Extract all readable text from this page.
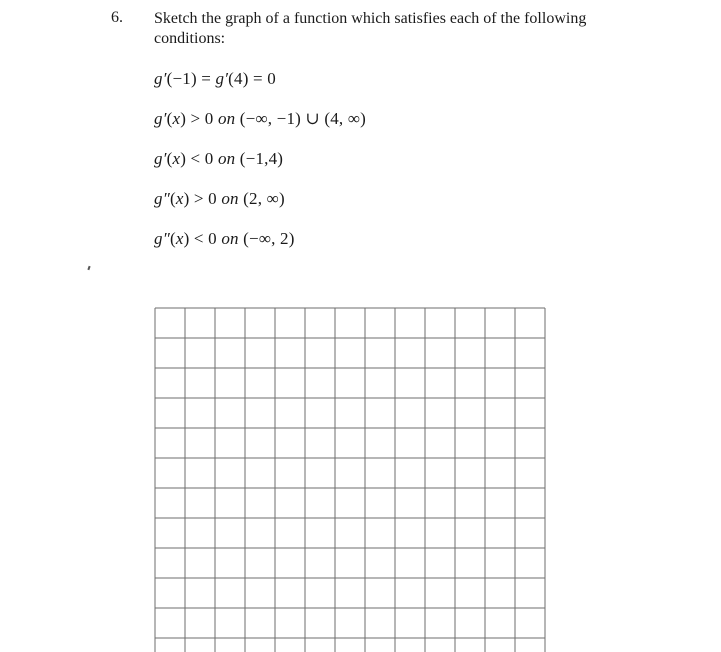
6. Sketch the graph of a function which satisfies each of the following conditions:
g′(−1) = g′(4) = 0
g′(x) > 0 on (−∞, −1) ∪ (4, ∞)
g′(x) < 0 on (−1,4)
g″(x) > 0 on (2, ∞)
g″(x) < 0 on (−∞, 2)
